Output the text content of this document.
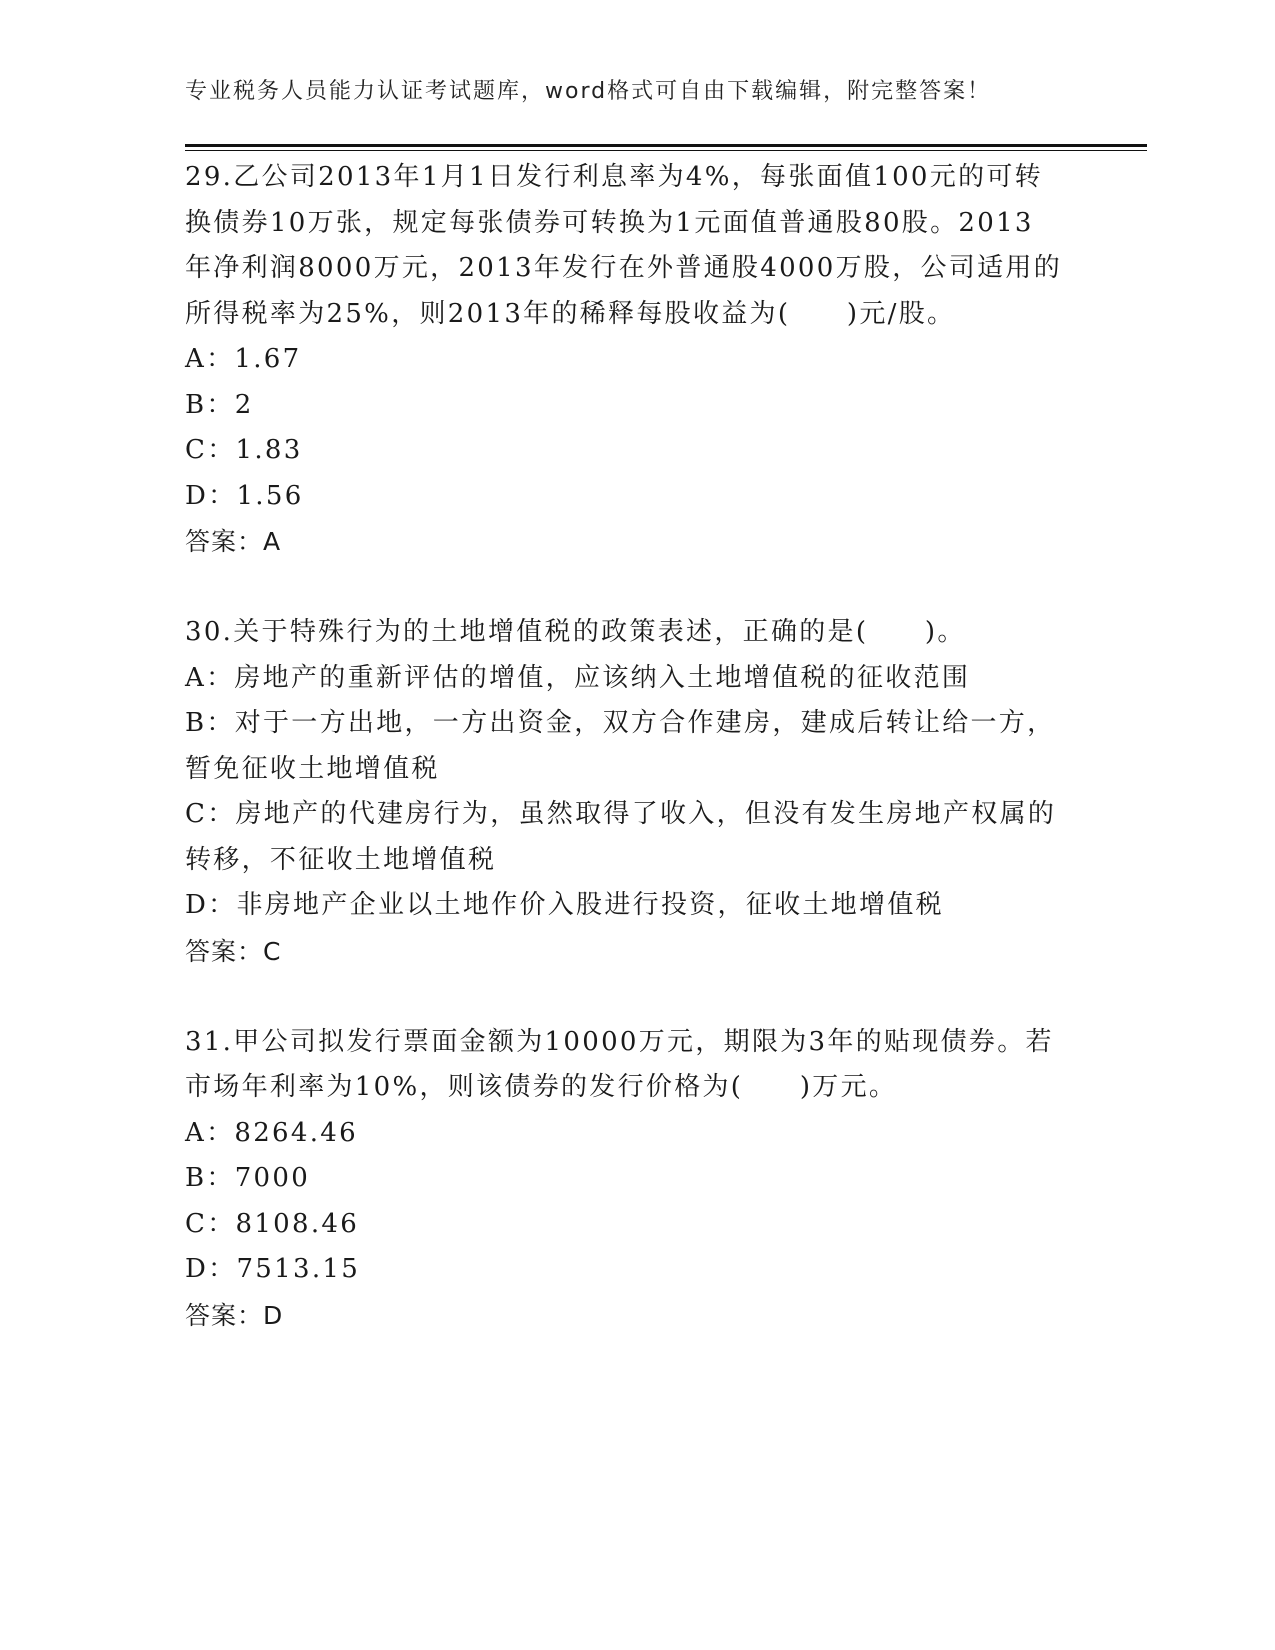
专业税务人员能力认证考试题库，word格式可自由下载编辑，附完整答案！
29.乙公司2013年1月1日发行利息率为4%，每张面值100元的可转
换债券10万张，规定每张债券可转换为1元面值普通股80股。2013
年净利润8000万元，2013年发行在外普通股4000万股，公司适用的
所得税率为25%，则2013年的稀释每股收益为(　　)元/股。
A：1.67
B：2
C：1.83
D：1.56
答案：A
30.关于特殊行为的土地增值税的政策表述，正确的是(　　)。
A：房地产的重新评估的增值，应该纳入土地增值税的征收范围
B：对于一方出地，一方出资金，双方合作建房，建成后转让给一方，
暂免征收土地增值税
C：房地产的代建房行为，虽然取得了收入，但没有发生房地产权属的
转移，不征收土地增值税
D：非房地产企业以土地作价入股进行投资，征收土地增值税
答案：C
31.甲公司拟发行票面金额为10000万元，期限为3年的贴现债券。若
市场年利率为10%，则该债券的发行价格为(　　)万元。
A：8264.46
B：7000
C：8108.46
D：7513.15
答案：D
